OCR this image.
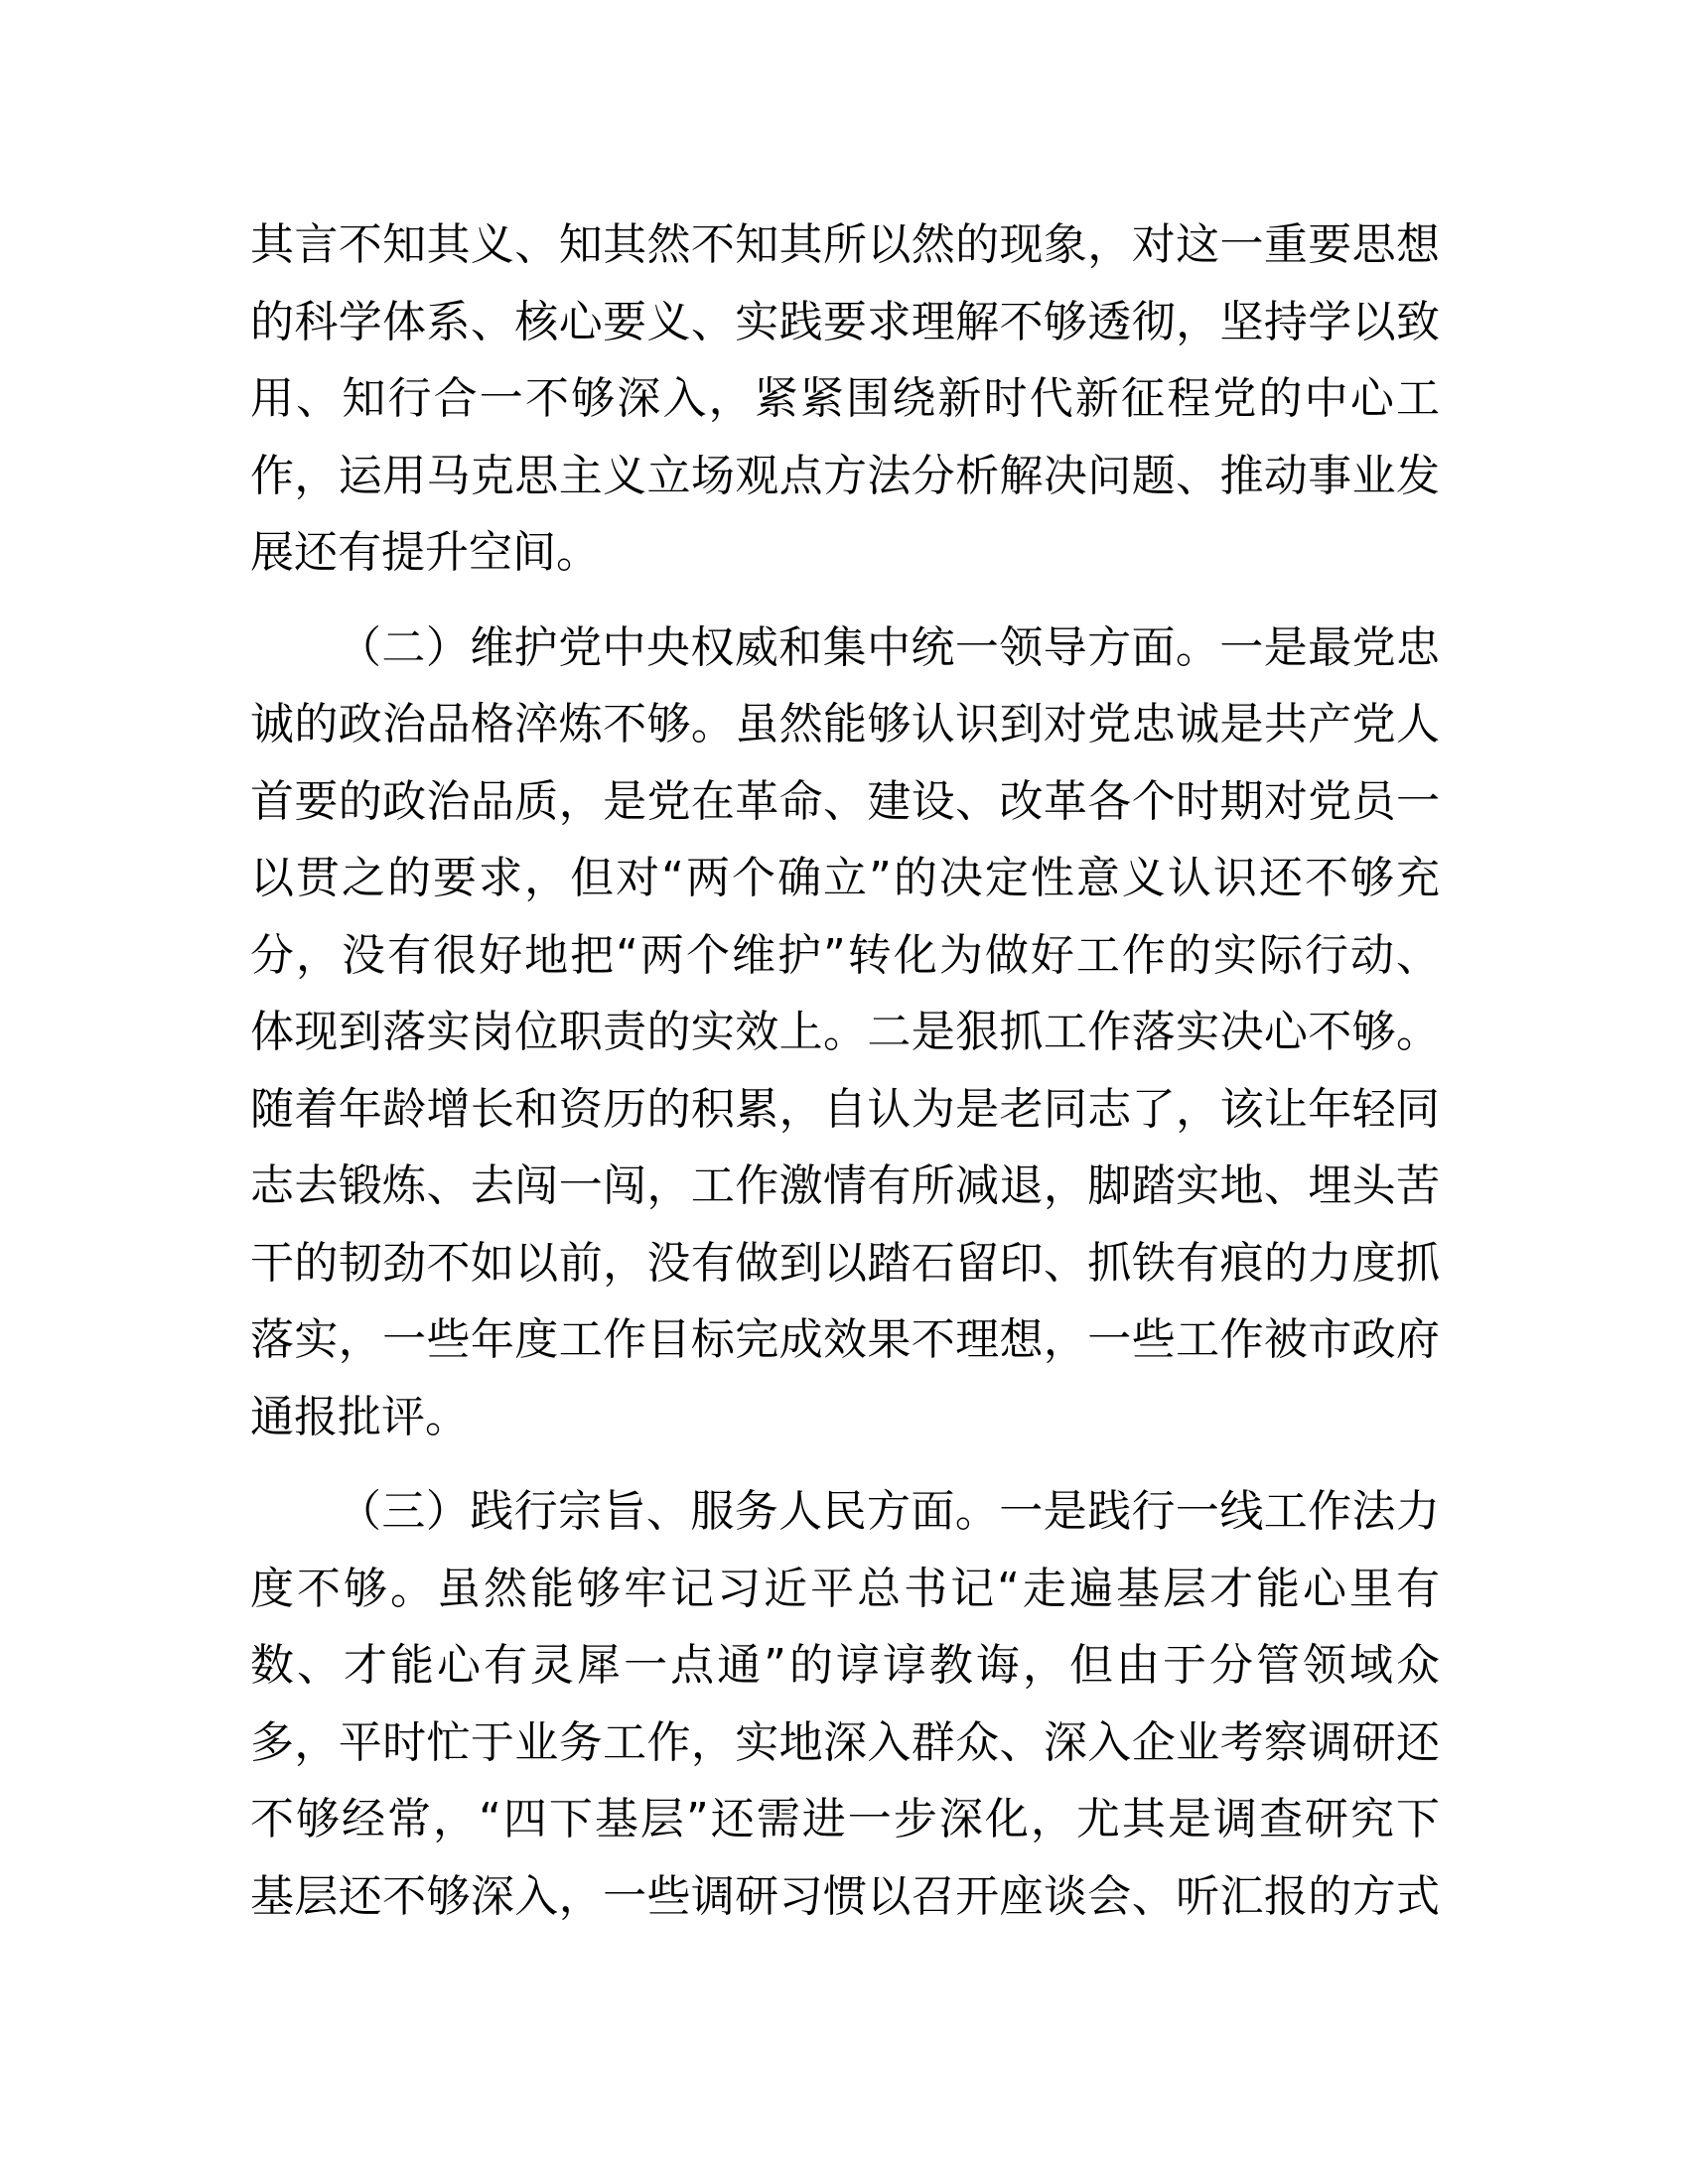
其言不知其义、知其然不知其所以然的现象，对这一重要思想
的科学体系、核心要义、实践要求理解不够透彻，坚持学以致
用、知行合一不够深入，紧紧围绕新时代新征程党的中心工
作，运用马克思主义立场观点方法分析解决问题、推动事业发
展还有提升空间。
（二）维护党中央权威和集中统一领导方面。一是最党忠
诚的政治品格淬炼不够。虽然能够认识到对党忠诚是共产党人
首要的政治品质，是党在革命、建设、改革各个时期对党员一
以贯之的要求，但对“两个确立”的决定性意义认识还不够充
分，没有很好地把“两个维护”转化为做好工作的实际行动、
体现到落实岗位职责的实效上。二是狠抓工作落实决心不够。
随着年龄增长和资历的积累，自认为是老同志了，该让年轻同
志去锻炼、去闯一闯，工作激情有所减退，脚踏实地、埋头苦
干的韧劲不如以前，没有做到以踏石留印、抓铁有痕的力度抓
落实，一些年度工作目标完成效果不理想，一些工作被市政府
通报批评。
（三）践行宗旨、服务人民方面。一是践行一线工作法力
度不够。虽然能够牢记习近平总书记“走遍基层才能心里有
数、才能心有灵犀一点通”的谆谆教诲，但由于分管领域众
多，平时忙于业务工作，实地深入群众、深入企业考察调研还
不够经常，“四下基层”还需进一步深化，尤其是调查研究下
基层还不够深入，一些调研习惯以召开座谈会、听汇报的方式
